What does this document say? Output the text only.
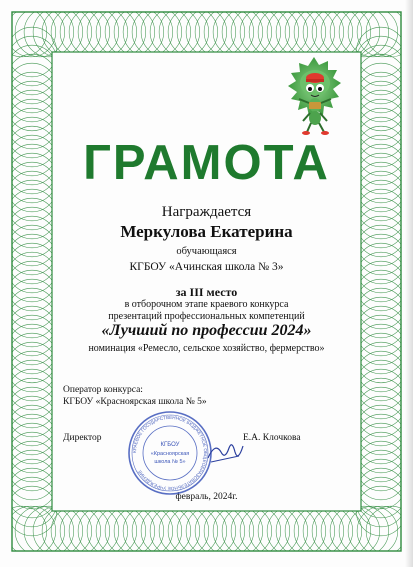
ГРАМОТА
Награждается
Меркулова Екатерина
обучающаяся
КГБОУ «Ачинская школа № 3»
за III место
в отборочном этапе краевого конкурса
презентаций профессиональных компетенций
«Лучший по профессии 2024»
номинация «Ремесло, сельское хозяйство, фермерство»
Оператор конкурса:
КГБОУ «Красноярская школа № 5»
Директор	Е.А. Клочкова
февраль, 2024г.
КРАЕВОЕ ГОСУДАРСТВЕННОЕ БЮДЖЕТНОЕ ОБЩЕОБРАЗОВАТЕЛЬНОЕ УЧРЕЖДЕНИЕ
КГБОУ
«Красноярская
школа № 5»
